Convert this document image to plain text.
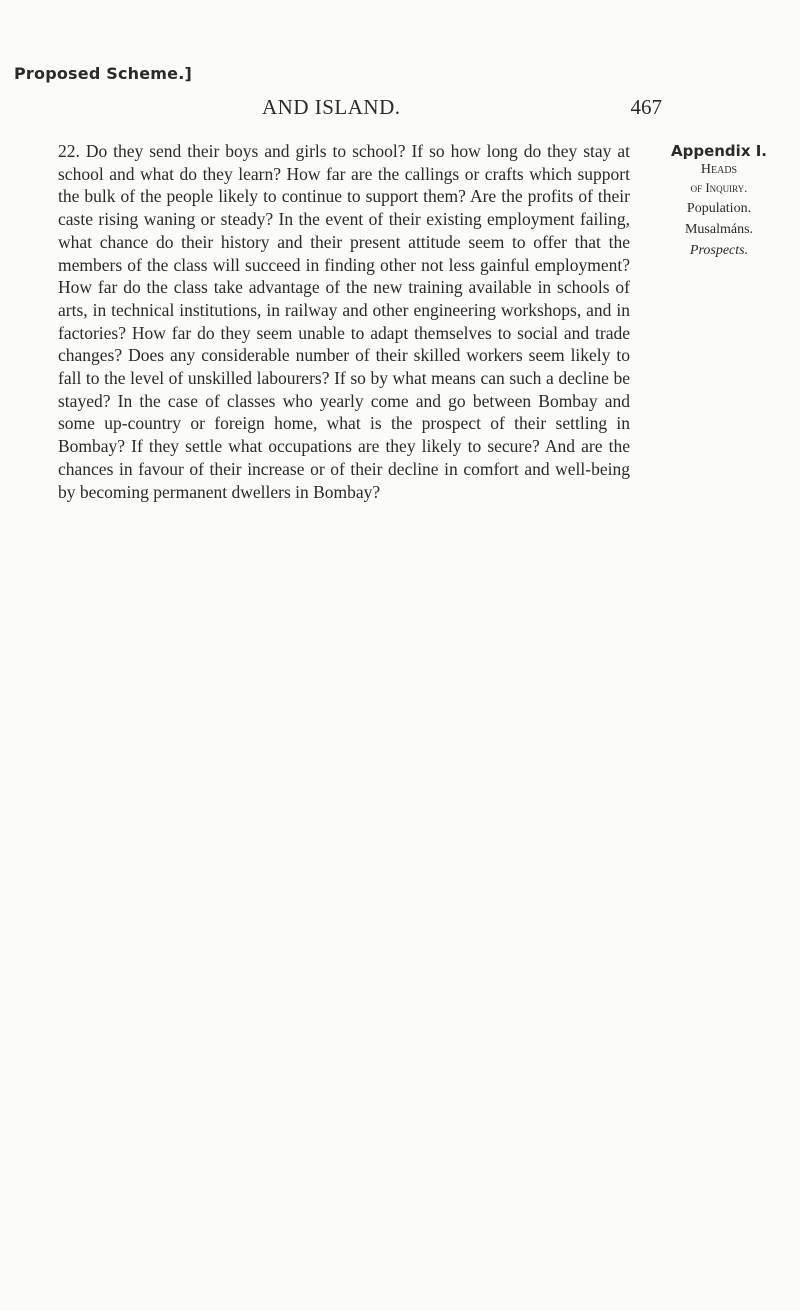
Proposed Scheme.]
AND ISLAND.	467

22. Do they send their boys and girls to school? If so how long do they stay at school and what do they learn? How far are the callings or crafts which support the bulk of the people likely to continue to support them? Are the profits of their caste rising waning or steady? In the event of their existing employment failing, what chance do their history and their present attitude seem to offer that the members of the class will succeed in finding other not less gainful employment? How far do the class take advantage of the new training available in schools of arts, in technical institutions, in railway and other engineering workshops, and in factories? How far do they seem unable to adapt themselves to social and trade changes? Does any considerable number of their skilled workers seem likely to fall to the level of unskilled labourers? If so by what means can such a decline be stayed? In the case of classes who yearly come and go between Bombay and some up-country or foreign home, what is the prospect of their settling in Bombay? If they settle what occupations are they likely to secure? And are the chances in favour of their increase or of their decline in comfort and well-being by becoming permanent dwellers in Bombay?

Appendix I.
Heads
of Inquiry.
Population.
Musalmáns.
Prospects.
